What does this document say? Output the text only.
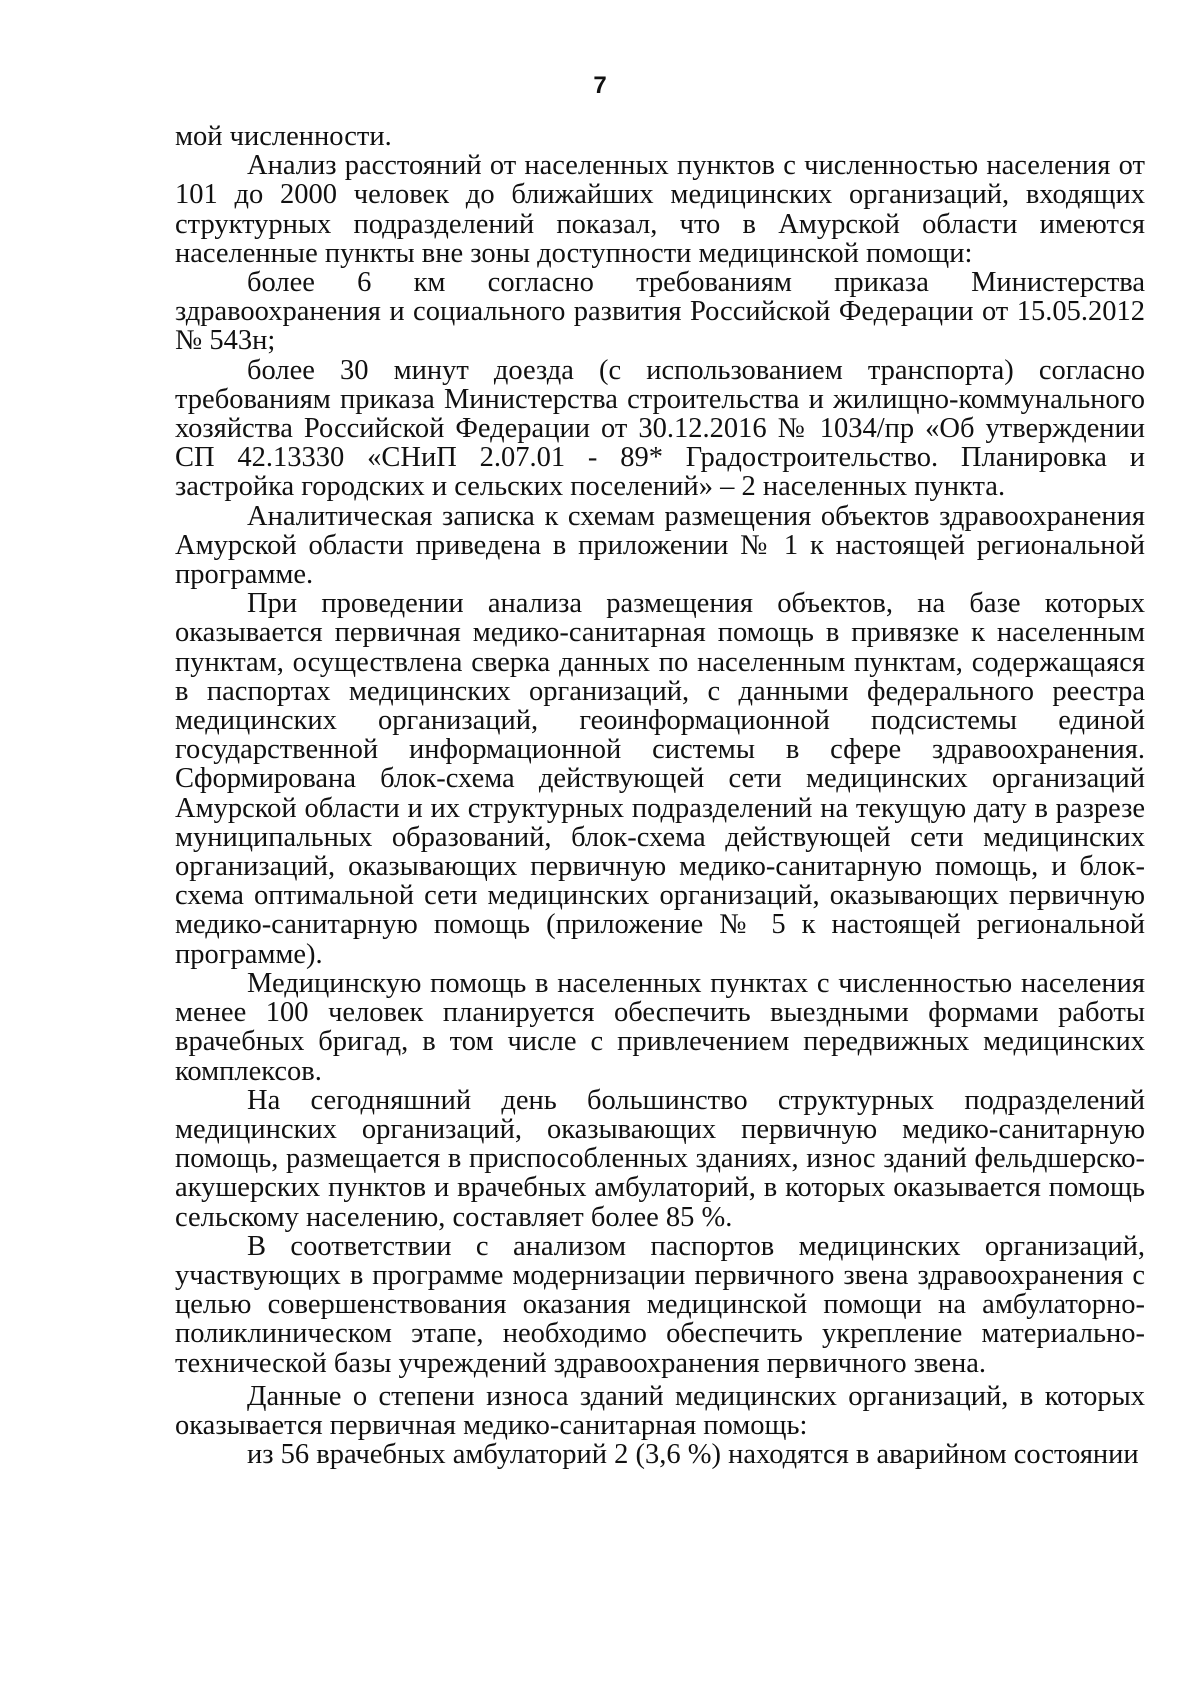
7

мой численности.

Анализ расстояний от населенных пунктов с численностью населения от 101 до 2000 человек до ближайших медицинских организаций, входящих структурных подразделений показал, что в Амурской области имеются населенные пункты вне зоны доступности медицинской помощи:

более 6 км согласно требованиям приказа Министерства здравоохранения и социального развития Российской Федерации от 15.05.2012 № 543н;

более 30 минут доезда (с использованием транспорта) согласно требованиям приказа Министерства строительства и жилищно-коммунального хозяйства Российской Федерации от 30.12.2016 № 1034/пр «Об утверждении СП 42.13330 «СНиП 2.07.01 - 89* Градостроительство. Планировка и застройка городских и сельских поселений» – 2 населенных пункта.

Аналитическая записка к схемам размещения объектов здравоохранения Амурской области приведена в приложении № 1 к настоящей региональной программе.

При проведении анализа размещения объектов, на базе которых оказывается первичная медико-санитарная помощь в привязке к населенным пунктам, осуществлена сверка данных по населенным пунктам, содержащаяся в паспортах медицинских организаций, с данными федерального реестра медицинских организаций, геоинформационной подсистемы единой государственной информационной системы в сфере здравоохранения. Сформирована блок-схема действующей сети медицинских организаций Амурской области и их структурных подразделений на текущую дату в разрезе муниципальных образований, блок-схема действующей сети медицинских организаций, оказывающих первичную медико-санитарную помощь, и блок-схема оптимальной сети медицинских организаций, оказывающих первичную медико-санитарную помощь (приложение № 5 к настоящей региональной программе).

Медицинскую помощь в населенных пунктах с численностью населения менее 100 человек планируется обеспечить выездными формами работы врачебных бригад, в том числе с привлечением передвижных медицинских комплексов.

На сегодняшний день большинство структурных подразделений медицинских организаций, оказывающих первичную медико-санитарную помощь, размещается в приспособленных зданиях, износ зданий фельдшерско-акушерских пунктов и врачебных амбулаторий, в которых оказывается помощь сельскому населению, составляет более 85 %.

В соответствии с анализом паспортов медицинских организаций, участвующих в программе модернизации первичного звена здравоохранения с целью совершенствования оказания медицинской помощи на амбулаторно-поликлиническом этапе, необходимо обеспечить укрепление материально-технической базы учреждений здравоохранения первичного звена.

Данные о степени износа зданий медицинских организаций, в которых оказывается первичная медико-санитарная помощь:

из 56 врачебных амбулаторий 2 (3,6 %) находятся в аварийном состоянии
